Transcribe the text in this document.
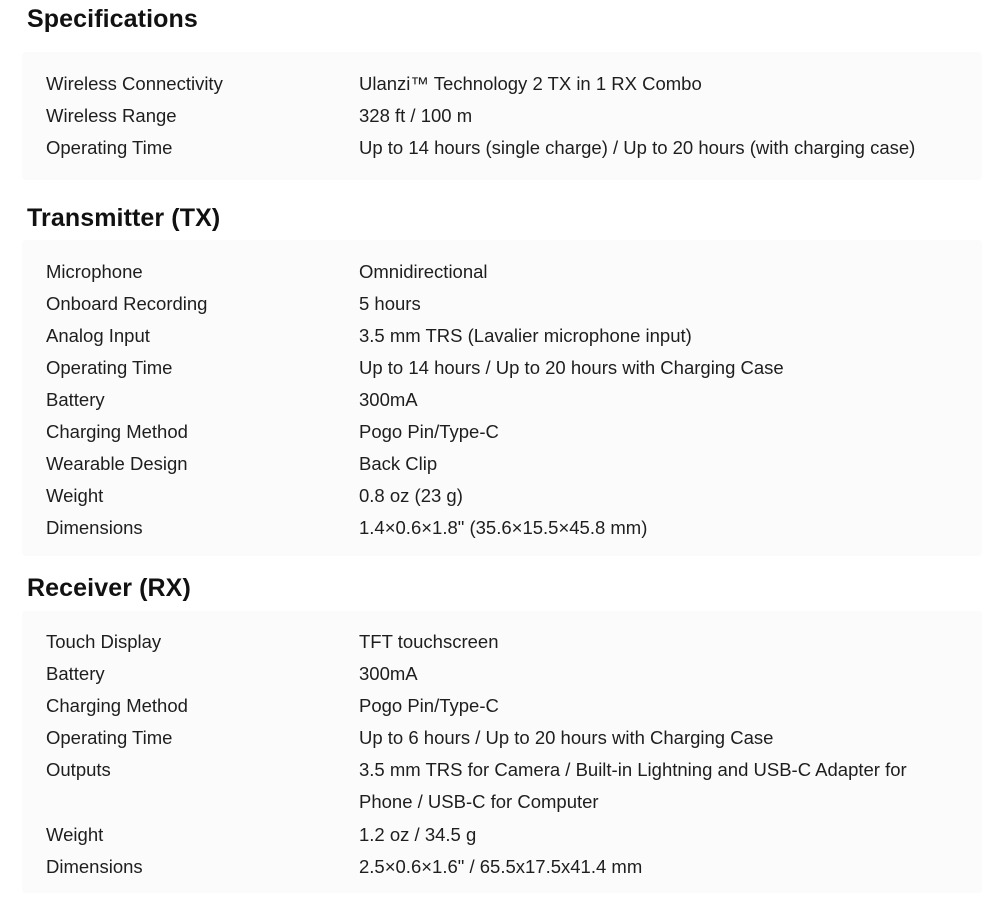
Specifications
Wireless Connectivity	Ulanzi™ Technology 2 TX in 1 RX Combo
Wireless Range	328 ft / 100 m
Operating Time	Up to 14 hours (single charge) / Up to 20 hours (with charging case)
Transmitter (TX)
Microphone	Omnidirectional
Onboard Recording	5 hours
Analog Input	3.5 mm TRS (Lavalier microphone input)
Operating Time	Up to 14 hours / Up to 20 hours with Charging Case
Battery	300mA
Charging Method	Pogo Pin/Type-C
Wearable Design	Back Clip
Weight	0.8 oz (23 g)
Dimensions	1.4×0.6×1.8" (35.6×15.5×45.8 mm)
Receiver (RX)
Touch Display	TFT touchscreen
Battery	300mA
Charging Method	Pogo Pin/Type-C
Operating Time	Up to 6 hours / Up to 20 hours with Charging Case
Outputs	3.5 mm TRS for Camera / Built-in Lightning and USB-C Adapter for Phone / USB-C for Computer
Weight	1.2 oz / 34.5 g
Dimensions	2.5×0.6×1.6" / 65.5x17.5x41.4 mm
